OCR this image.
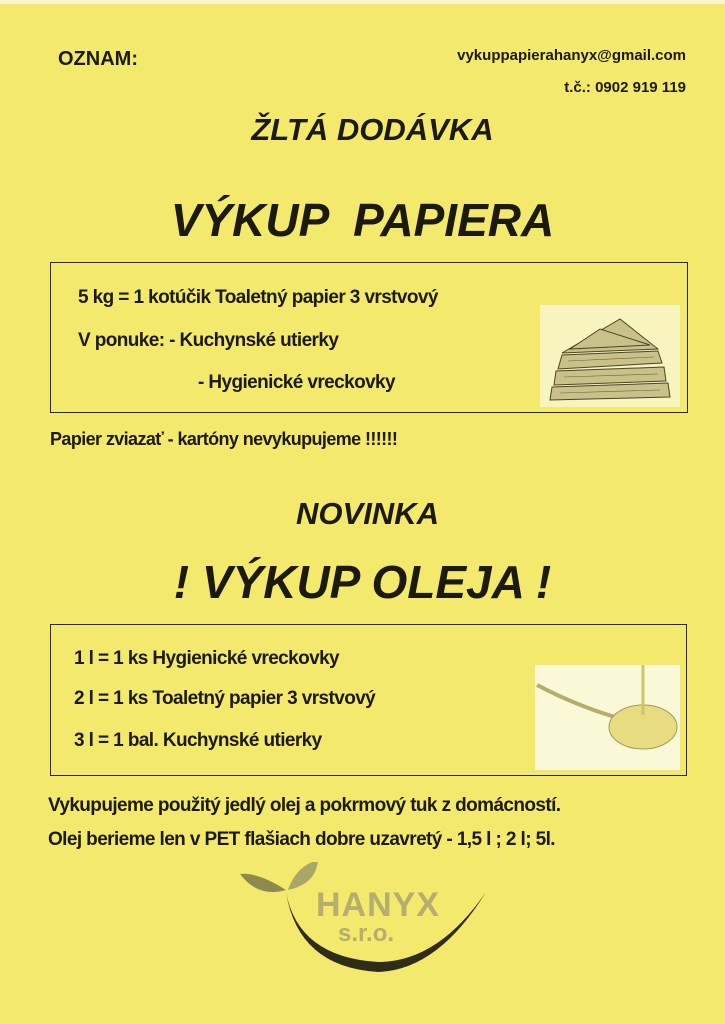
OZNAM:	vykuppapierahanyx@gmail.com
t.č.: 0902 919 119
ŽLTÁ DODÁVKA
VÝKUP  PAPIERA
5 kg = 1 kotúčik Toaletný papier 3 vrstvový
V ponuke: - Kuchynské utierky
- Hygienické vreckovky
Papier zviazať - kartóny nevykupujeme !!!!!!
NOVINKA
! VÝKUP OLEJA !
1 l = 1 ks Hygienické vreckovky
2 l = 1 ks Toaletný papier 3 vrstvový
3 l = 1 bal. Kuchynské utierky
Vykupujeme použitý jedlý olej a pokrmový tuk z domácností.
Olej berieme len v PET flašiach dobre uzavretý - 1,5 l ; 2 l; 5l.
HANYX
s.r.o.
